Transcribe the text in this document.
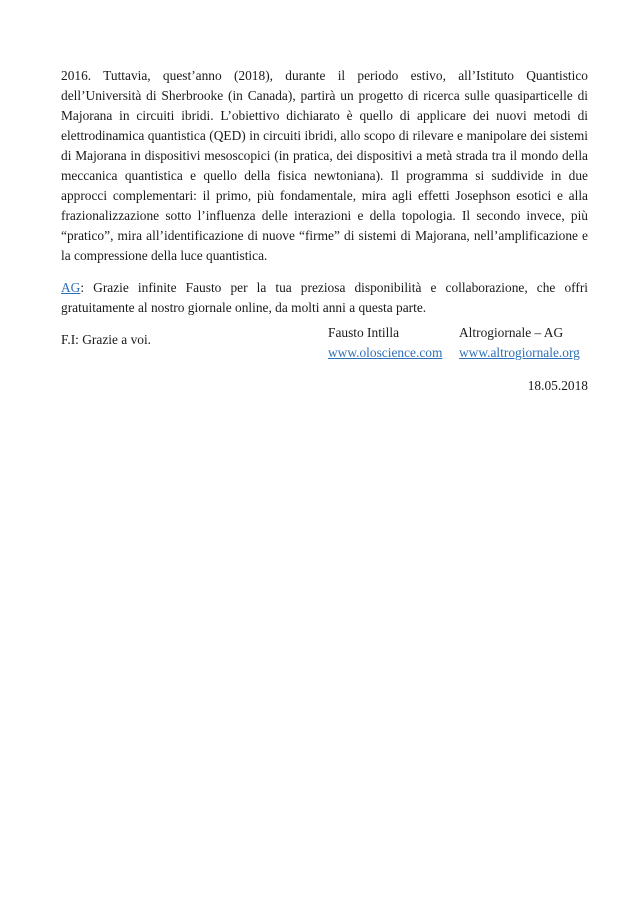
2016. Tuttavia, quest’anno (2018), durante il periodo estivo, all’Istituto Quantistico dell’Università di Sherbrooke (in Canada), partirà un progetto di ricerca sulle quasiparticelle di Majorana in circuiti ibridi. L’obiettivo dichiarato è quello di applicare dei nuovi metodi di elettrodinamica quantistica (QED) in circuiti ibridi, allo scopo di rilevare e manipolare dei sistemi di Majorana in dispositivi mesoscopici (in pratica, dei dispositivi a metà strada tra il mondo della meccanica quantistica e quello della fisica newtoniana). Il programma si suddivide in due approcci complementari: il primo, più fondamentale, mira agli effetti Josephson esotici e alla frazionalizzazione sotto l’influenza delle interazioni e della topologia. Il secondo invece, più “pratico”, mira all’identificazione di nuove “firme” di sistemi di Majorana, nell’amplificazione e la compressione della luce quantistica.

AG: Grazie infinite Fausto per la tua preziosa disponibilità e collaborazione, che offri gratuitamente al nostro giornale online, da molti anni a questa parte.

F.I: Grazie a voi.	Fausto Intilla	Altrogiornale – AG
www.oloscience.com www.altrogiornale.org
18.05.2018
